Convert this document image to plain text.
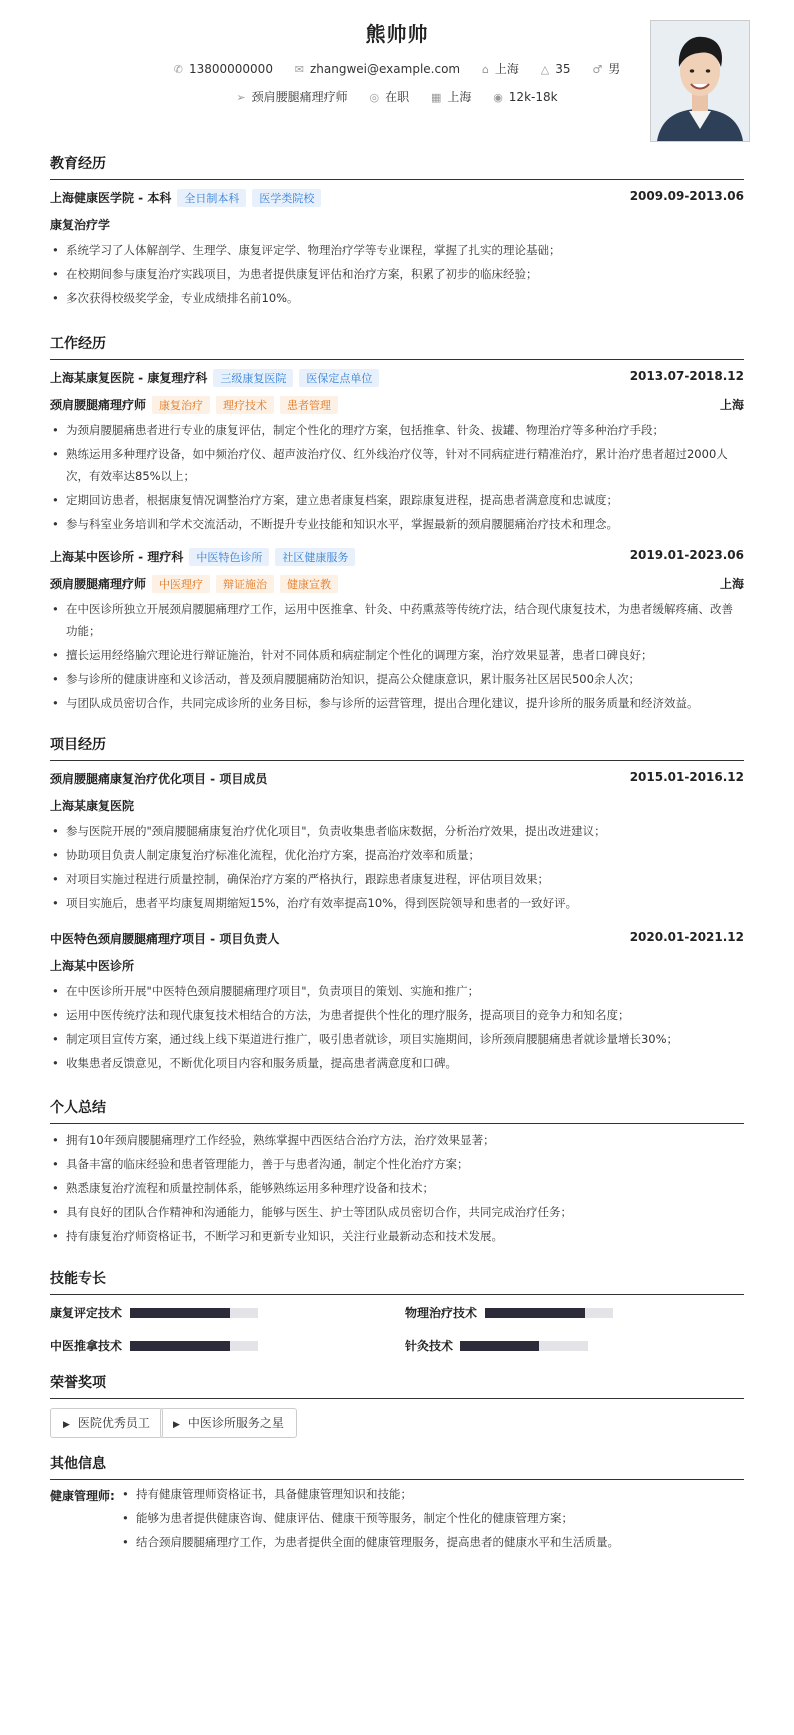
熊帅帅
✆ 13800000000 ✉ zhangwei@example.com ⌂ 上海 △ 35 ♂ 男
➢ 颈肩腰腿痛理疗师 ◎ 在职 ▦ 上海 ◉ 12k-18k
教育经历
上海健康医学院 - 本科 全日制本科 医学类院校	2009.09-2013.06
康复治疗学
• 系统学习了人体解剖学、生理学、康复评定学、物理治疗学等专业课程，掌握了扎实的理论基础；
• 在校期间参与康复治疗实践项目，为患者提供康复评估和治疗方案，积累了初步的临床经验；
• 多次获得校级奖学金，专业成绩排名前10%。
工作经历
上海某康复医院 - 康复理疗科 三级康复医院 医保定点单位	2013.07-2018.12
颈肩腰腿痛理疗师 康复治疗 理疗技术 患者管理	上海
• 为颈肩腰腿痛患者进行专业的康复评估，制定个性化的理疗方案，包括推拿、针灸、拔罐、物理治疗等多种治疗手段；
• 熟练运用多种理疗设备，如中频治疗仪、超声波治疗仪、红外线治疗仪等，针对不同病症进行精准治疗，累计治疗患者超过2000人次，有效率达85%以上；
• 定期回访患者，根据康复情况调整治疗方案，建立患者康复档案，跟踪康复进程，提高患者满意度和忠诚度；
• 参与科室业务培训和学术交流活动，不断提升专业技能和知识水平，掌握最新的颈肩腰腿痛治疗技术和理念。
上海某中医诊所 - 理疗科 中医特色诊所 社区健康服务	2019.01-2023.06
颈肩腰腿痛理疗师 中医理疗 辩证施治 健康宣教	上海
• 在中医诊所独立开展颈肩腰腿痛理疗工作，运用中医推拿、针灸、中药熏蒸等传统疗法，结合现代康复技术，为患者缓解疼痛、改善功能；
• 擅长运用经络腧穴理论进行辩证施治，针对不同体质和病症制定个性化的调理方案，治疗效果显著，患者口碑良好；
• 参与诊所的健康讲座和义诊活动，普及颈肩腰腿痛防治知识，提高公众健康意识，累计服务社区居民500余人次；
• 与团队成员密切合作，共同完成诊所的业务目标，参与诊所的运营管理，提出合理化建议，提升诊所的服务质量和经济效益。
项目经历
颈肩腰腿痛康复治疗优化项目 - 项目成员	2015.01-2016.12
上海某康复医院
• 参与医院开展的"颈肩腰腿痛康复治疗优化项目"，负责收集患者临床数据，分析治疗效果，提出改进建议；
• 协助项目负责人制定康复治疗标准化流程，优化治疗方案，提高治疗效率和质量；
• 对项目实施过程进行质量控制，确保治疗方案的严格执行，跟踪患者康复进程，评估项目效果；
• 项目实施后，患者平均康复周期缩短15%，治疗有效率提高10%，得到医院领导和患者的一致好评。
中医特色颈肩腰腿痛理疗项目 - 项目负责人	2020.01-2021.12
上海某中医诊所
• 在中医诊所开展"中医特色颈肩腰腿痛理疗项目"，负责项目的策划、实施和推广；
• 运用中医传统疗法和现代康复技术相结合的方法，为患者提供个性化的理疗服务，提高项目的竞争力和知名度；
• 制定项目宣传方案，通过线上线下渠道进行推广，吸引患者就诊，项目实施期间，诊所颈肩腰腿痛患者就诊量增长30%；
• 收集患者反馈意见，不断优化项目内容和服务质量，提高患者满意度和口碑。
个人总结
• 拥有10年颈肩腰腿痛理疗工作经验，熟练掌握中西医结合治疗方法，治疗效果显著；
• 具备丰富的临床经验和患者管理能力，善于与患者沟通，制定个性化治疗方案；
• 熟悉康复治疗流程和质量控制体系，能够熟练运用多种理疗设备和技术；
• 具有良好的团队合作精神和沟通能力，能够与医生、护士等团队成员密切合作，共同完成治疗任务；
• 持有康复治疗师资格证书，不断学习和更新专业知识，关注行业最新动态和技术发展。
技能专长
康复评定技术	物理治疗技术
中医推拿技术	针灸技术
荣誉奖项
▶ 医院优秀员工	▶ 中医诊所服务之星
其他信息
健康管理师:
•	持有健康管理师资格证书，具备健康管理知识和技能；
• 能够为患者提供健康咨询、健康评估、健康干预等服务，制定个性化的健康管理方案；
• 结合颈肩腰腿痛理疗工作，为患者提供全面的健康管理服务，提高患者的健康水平和生活质量。
